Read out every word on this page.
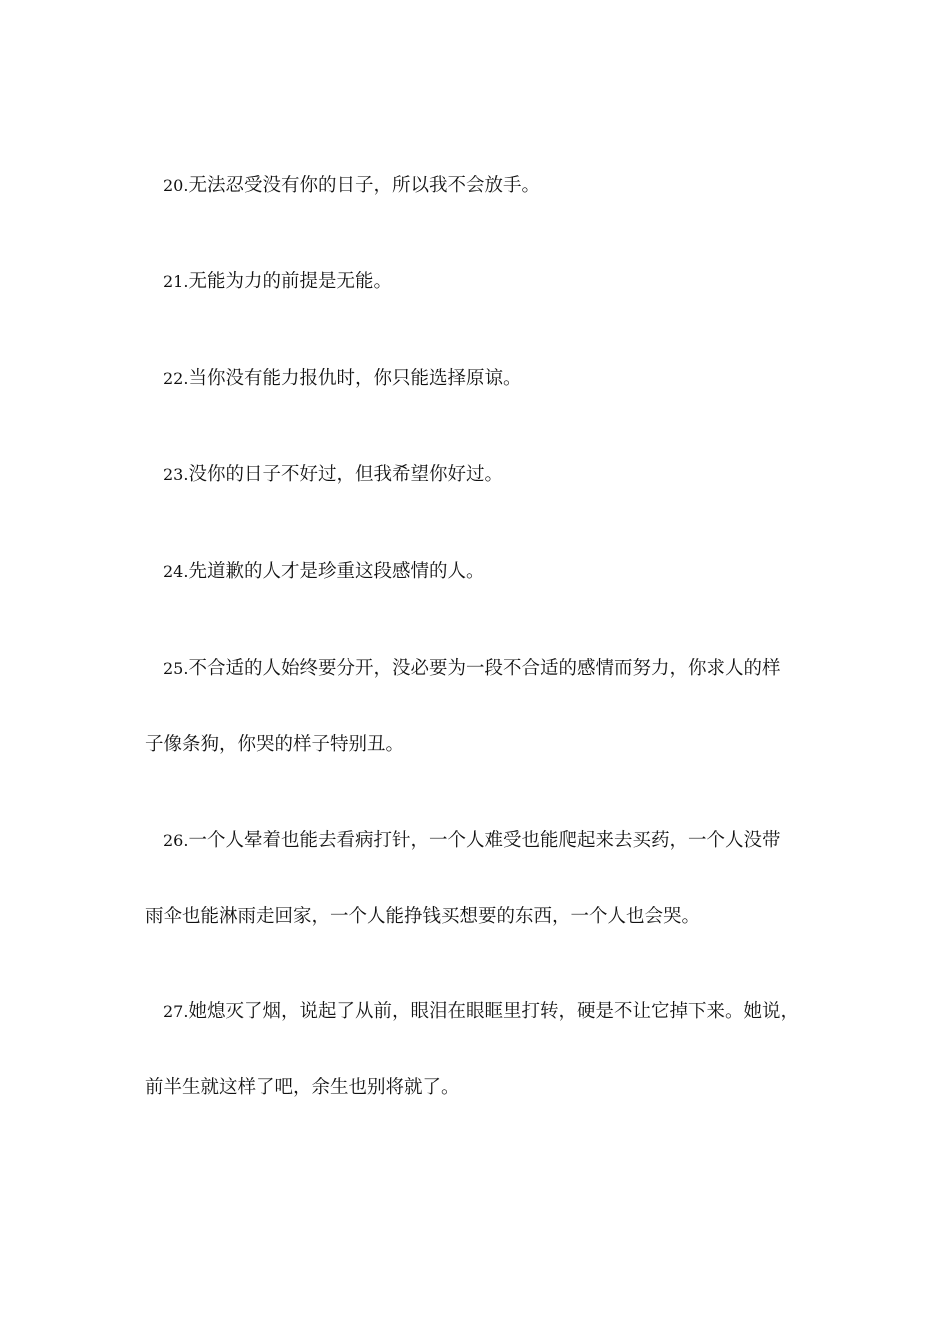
20.无法忍受没有你的日子，所以我不会放手。
21.无能为力的前提是无能。
22.当你没有能力报仇时，你只能选择原谅。
23.没你的日子不好过，但我希望你好过。
24.先道歉的人才是珍重这段感情的人。
25.不合适的人始终要分开，没必要为一段不合适的感情而努力，你求人的样
子像条狗，你哭的样子特别丑。
26.一个人晕着也能去看病打针，一个人难受也能爬起来去买药，一个人没带
雨伞也能淋雨走回家，一个人能挣钱买想要的东西，一个人也会哭。
27.她熄灭了烟，说起了从前，眼泪在眼眶里打转，硬是不让它掉下来。她说，
前半生就这样了吧，余生也别将就了。
